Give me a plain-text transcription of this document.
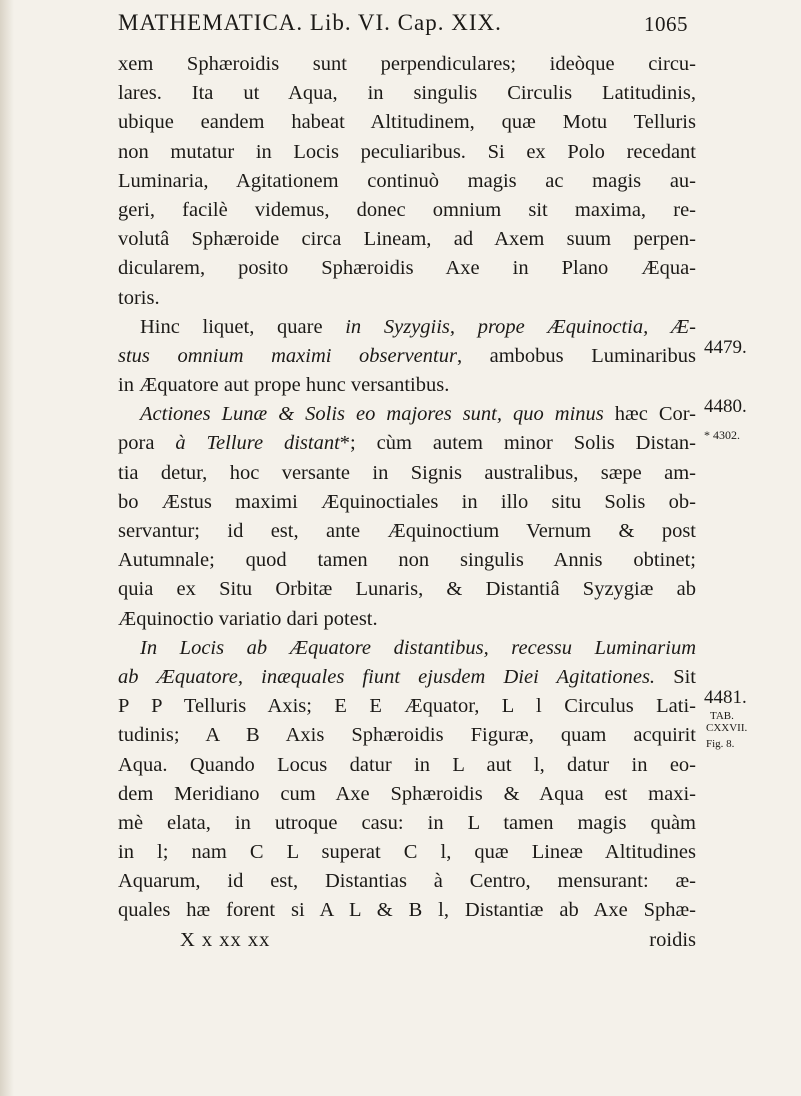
MATHEMATICA. Lib. VI. Cap. XIX.	1065
xem Sphæroidis sunt perpendiculares; ideòque circu-
lares. Ita ut Aqua, in singulis Circulis Latitudinis,
ubique eandem habeat Altitudinem, quæ Motu Telluris
non mutatur in Locis peculiaribus. Si ex Polo recedant
Luminaria, Agitationem continuò magis ac magis au-
geri, facilè videmus, donec omnium sit maxima, re-
volutâ Sphæroide circa Lineam, ad Axem suum perpen-
dicularem, posito Sphæroidis Axe in Plano Æqua-
toris.
Hinc liquet, quare in Syzygiis, prope Æquinoctia, Æ-
stus omnium maximi observentur, ambobus Luminaribus
in Æquatore aut prope hunc versantibus.
Actiones Lunæ & Solis eo majores sunt, quo minus hæc Cor-
pora à Tellure distant*; cùm autem minor Solis Distan-
tia detur, hoc versante in Signis australibus, sæpe am-
bo Æstus maximi Æquinoctiales in illo situ Solis ob-
servantur; id est, ante Æquinoctium Vernum & post
Autumnale; quod tamen non singulis Annis obtinet;
quia ex Situ Orbitæ Lunaris, & Distantiâ Syzygiæ ab
Æquinoctio variatio dari potest.
In Locis ab Æquatore distantibus, recessu Luminarium
ab Æquatore, inæquales fiunt ejusdem Diei Agitationes. Sit
P P Telluris Axis; E E Æquator, L l Circulus Lati-
tudinis; A B Axis Sphæroidis Figuræ, quam acquirit
Aqua. Quando Locus datur in L aut l, datur in eo-
dem Meridiano cum Axe Sphæroidis & Aqua est maxi-
mè elata, in utroque casu: in L tamen magis quàm
in l; nam C L superat C l, quæ Lineæ Altitudines
Aquarum, id est, Distantias à Centro, mensurant: æ-
quales hæ forent si A L & B l, Distantiæ ab Axe Sphæ-
X x xx xx	roidis
4479.
4480.
* 4302.
4481.
TAB.
CXXVII.
Fig. 8.
